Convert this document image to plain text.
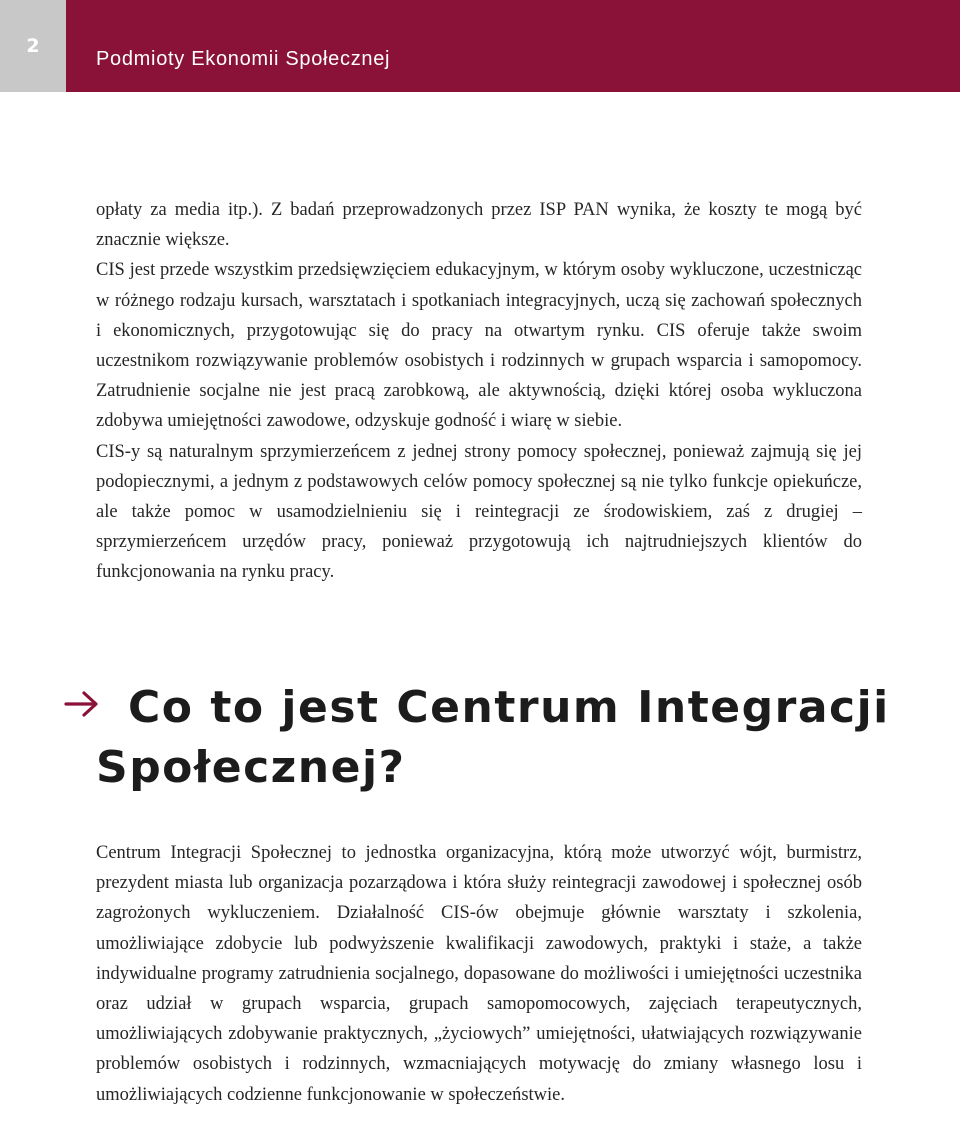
2
Podmioty Ekonomii Społecznej

opłaty za media itp.). Z badań przeprowadzonych przez ISP PAN wynika, że koszty te mogą być znacznie większe.

CIS jest przede wszystkim przedsięwzięciem edukacyjnym, w którym osoby wykluczone, uczestnicząc w różnego rodzaju kursach, warsztatach i spotkaniach integracyjnych, uczą się zachowań społecznych i ekonomicznych, przygotowując się do pracy na otwartym rynku. CIS oferuje także swoim uczestnikom rozwiązywanie problemów osobistych i rodzinnych w grupach wsparcia i samopomocy. Zatrudnienie socjalne nie jest pracą zarobkową, ale aktywnością, dzięki której osoba wykluczona zdobywa umiejętności zawodowe, odzyskuje godność i wiarę w siebie.

CIS-y są naturalnym sprzymierzeńcem z jednej strony pomocy społecznej, ponieważ zajmują się jej podopiecznymi, a jednym z podstawowych celów pomocy społecznej są nie tylko funkcje opiekuńcze, ale także pomoc w usamodzielnieniu się i reintegracji ze środowiskiem, zaś z drugiej – sprzymierzeńcem urzędów pracy, ponieważ przygotowują ich najtrudniejszych klientów do funkcjonowania na rynku pracy.

Co to jest Centrum Integracji
Społecznej?

Centrum Integracji Społecznej to jednostka organizacyjna, którą może utworzyć wójt, burmistrz, prezydent miasta lub organizacja pozarządowa i która służy reintegracji zawodowej i społecznej osób zagrożonych wykluczeniem. Działalność CIS-ów obejmuje głównie warsztaty i szkolenia, umożliwiające zdobycie lub podwyższenie kwalifikacji zawodowych, praktyki i staże, a także indywidualne programy zatrudnienia socjalnego, dopasowane do możliwości i umiejętności uczestnika oraz udział w grupach wsparcia, grupach samopomocowych, zajęciach terapeutycznych, umożliwiających zdobywanie praktycznych, „życiowych” umiejętności, ułatwiających rozwiązywanie problemów osobistych i rodzinnych, wzmacniających motywację do zmiany własnego losu i umożliwiających codzienne funkcjonowanie w społeczeństwie.
